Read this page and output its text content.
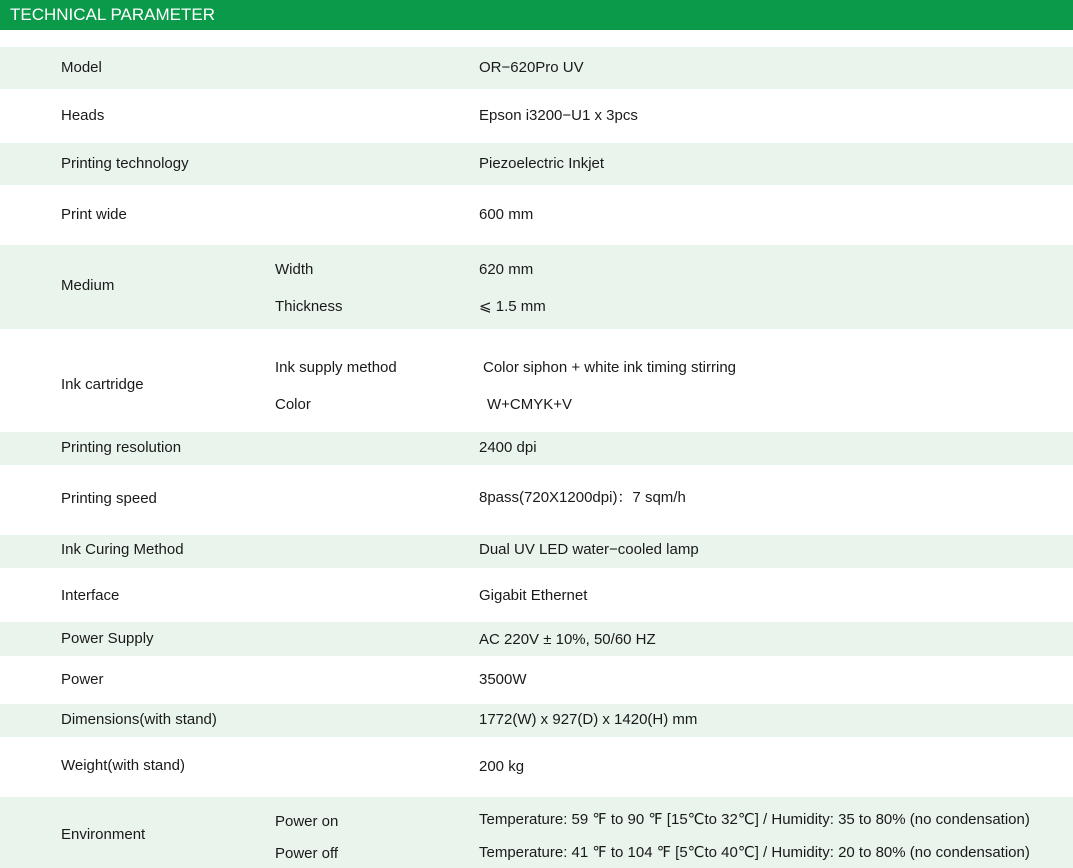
TECHNICAL PARAMETER
Model	OR−620Pro UV
Heads	Epson i3200−U1 x 3pcs
Printing technology	Piezoelectric Inkjet
Print wide	600 mm
Medium
Width	620 mm
Thickness	⩽ 1.5 mm
Ink cartridge
Ink supply method	Color siphon + white ink timing stirring
Color	W+CMYK+V
Printing resolution	2400 dpi
Printing speed	8pass(720X1200dpi)：7 sqm/h
Ink Curing Method	Dual UV LED water−cooled lamp
Interface	Gigabit Ethernet
Power Supply	AC 220V ± 10%, 50/60 HZ
Power	3500W
Dimensions(with stand)	1772(W) x 927(D) x 1420(H) mm
Weight(with stand)	200 kg
Environment
Power on	Temperature: 59 ℉ to 90 ℉ [15℃to 32℃] / Humidity: 35 to 80% (no condensation)
Power off	Temperature: 41 ℉ to 104 ℉ [5℃to 40℃] / Humidity: 20 to 80% (no condensation)
